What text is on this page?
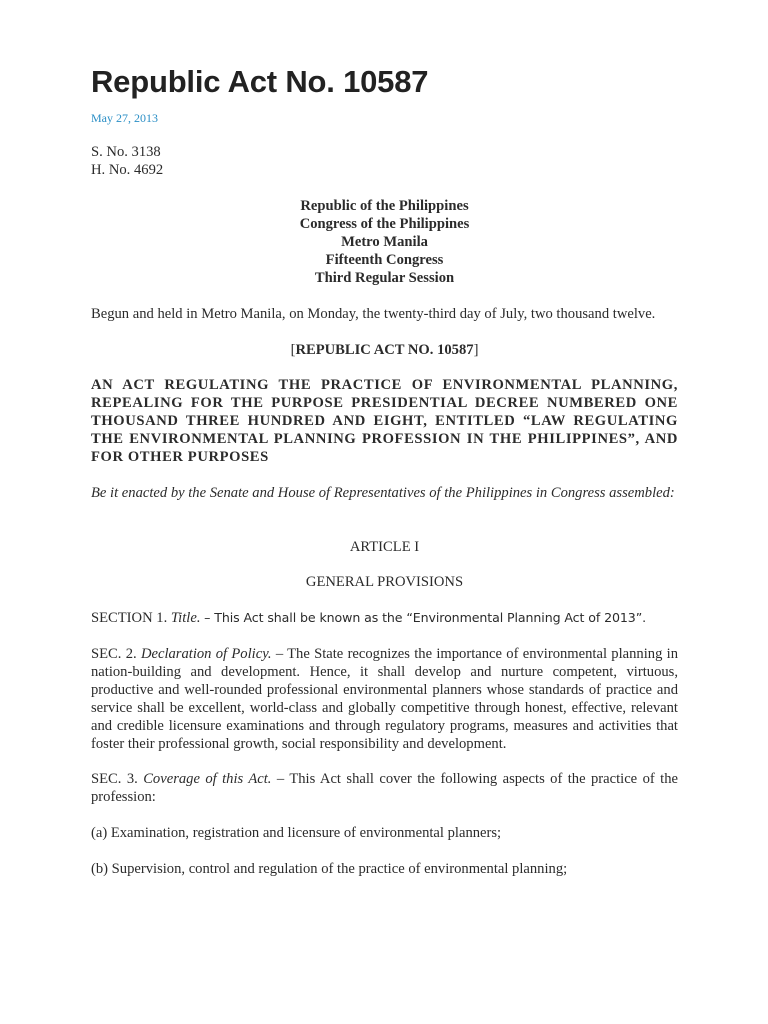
Republic Act No. 10587
May 27, 2013
S. No. 3138
H. No. 4692
Republic of the Philippines
Congress of the Philippines
Metro Manila
Fifteenth Congress
Third Regular Session

Begun and held in Metro Manila, on Monday, the twenty-third day of July, two thousand twelve.

[REPUBLIC ACT NO. 10587]

AN ACT REGULATING THE PRACTICE OF ENVIRONMENTAL PLANNING, REPEALING FOR THE PURPOSE PRESIDENTIAL DECREE NUMBERED ONE THOUSAND THREE HUNDRED AND EIGHT, ENTITLED “LAW REGULATING THE ENVIRONMENTAL PLANNING PROFESSION IN THE PHILIPPINES”, AND FOR OTHER PURPOSES

Be it enacted by the Senate and House of Representatives of the Philippines in Congress assembled:

ARTICLE I

GENERAL PROVISIONS

SECTION 1. Title. – This Act shall be known as the “Environmental Planning Act of 2013”.

SEC. 2. Declaration of Policy. – The State recognizes the importance of environmental planning in nation-building and development. Hence, it shall develop and nurture competent, virtuous, productive and well-rounded professional environmental planners whose standards of practice and service shall be excellent, world-class and globally competitive through honest, effective, relevant and credible licensure examinations and through regulatory programs, measures and activities that foster their professional growth, social responsibility and development.

SEC. 3. Coverage of this Act. – This Act shall cover the following aspects of the practice of the profession:

(a) Examination, registration and licensure of environmental planners;

(b) Supervision, control and regulation of the practice of environmental planning;
